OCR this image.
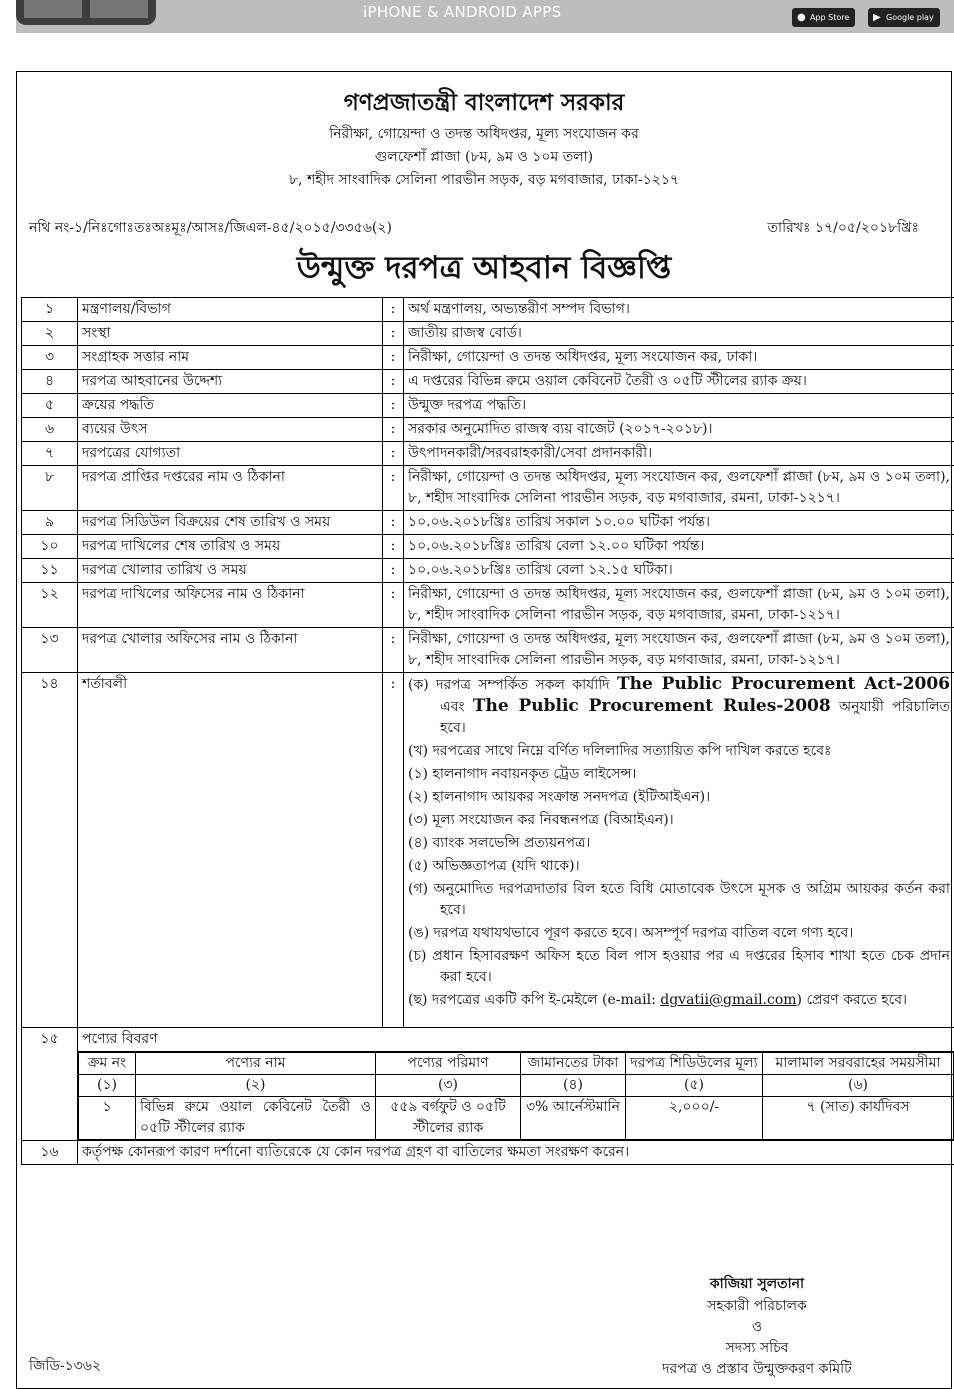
iPHONE & ANDROID APPS	● App Store	▶ Google play
গণপ্রজাতন্ত্রী বাংলাদেশ সরকার
নিরীক্ষা, গোয়েন্দা ও তদন্ত অধিদপ্তর, মূল্য সংযোজন কর
গুলফেশাঁ প্লাজা (৮ম, ৯ম ও ১০ম তলা)
৮, শহীদ সাংবাদিক সেলিনা পারভীন সড়ক, বড় মগবাজার, ঢাকা-১২১৭
নথি নং-১/নিঃগোঃতঃঅঃমূঃ/আসঃ/জিএল-৪৫/২০১৫/৩৩৫৬(২)	তারিখঃ ১৭/০৫/২০১৮খ্রিঃ
উন্মুক্ত দরপত্র আহবান বিজ্ঞপ্তি
১	মন্ত্রণালয়/বিভাগ	:	অর্থ মন্ত্রণালয়, অভ্যন্তরীণ সম্পদ বিভাগ।
২	সংস্থা	:	জাতীয় রাজস্ব বোর্ড।
৩	সংগ্রাহক সত্তার নাম	:	নিরীক্ষা, গোয়েন্দা ও তদন্ত অধিদপ্তর, মূল্য সংযোজন কর, ঢাকা।
৪	দরপত্র আহবানের উদ্দেশ্য	:	এ দপ্তরের বিভিন্ন রুমে ওয়াল কেবিনেট তৈরী ও ০৫টি স্টীলের র‌্যাক ক্রয়।
৫	ক্রয়ের পদ্ধতি	:	উন্মুক্ত দরপত্র পদ্ধতি।
৬	ব্যয়ের উৎস	:	সরকার অনুমোদিত রাজস্ব ব্যয় বাজেট (২০১৭-২০১৮)।
৭	দরপত্রের যোগ্যতা	:	উৎপাদনকারী/সরবরাহকারী/সেবা প্রদানকারী।
৮	দরপত্র প্রাপ্তির দপ্তরের নাম ও ঠিকানা	:	নিরীক্ষা, গোয়েন্দা ও তদন্ত অধিদপ্তর, মূল্য সংযোজন কর, গুলফেশাঁ প্লাজা (৮ম, ৯ম ও ১০ম তলা), ৮, শহীদ সাংবাদিক সেলিনা পারভীন সড়ক, বড় মগবাজার, রমনা, ঢাকা-১২১৭।
৯	দরপত্র সিডিউল বিক্রয়ের শেষ তারিখ ও সময়	:	১০.০৬.২০১৮খ্রিঃ তারিখ সকাল ১০.০০ ঘটিকা পর্যন্ত।
১০	দরপত্র দাখিলের শেষ তারিখ ও সময়	:	১০.০৬.২০১৮খ্রিঃ তারিখ বেলা ১২.০০ ঘটিকা পর্যন্ত।
১১	দরপত্র খোলার তারিখ ও সময়	:	১০.০৬.২০১৮খ্রিঃ তারিখ বেলা ১২.১৫ ঘটিকা।
১২	দরপত্র দাখিলের অফিসের নাম ও ঠিকানা	:	নিরীক্ষা, গোয়েন্দা ও তদন্ত অধিদপ্তর, মূল্য সংযোজন কর, গুলফেশাঁ প্লাজা (৮ম, ৯ম ও ১০ম তলা), ৮, শহীদ সাংবাদিক সেলিনা পারভীন সড়ক, বড় মগবাজার, রমনা, ঢাকা-১২১৭।
১৩	দরপত্র খোলার অফিসের নাম ও ঠিকানা	:	নিরীক্ষা, গোয়েন্দা ও তদন্ত অধিদপ্তর, মূল্য সংযোজন কর, গুলফেশাঁ প্লাজা (৮ম, ৯ম ও ১০ম তলা), ৮, শহীদ সাংবাদিক সেলিনা পারভীন সড়ক, বড় মগবাজার, রমনা, ঢাকা-১২১৭।
১৪	শর্তাবলী	:	(ক) দরপত্র সম্পর্কিত সকল কার্যাদি The Public Procurement Act-2006 এবং The Public Procurement Rules-2008 অনুযায়ী পরিচালিত হবে।
(খ) দরপত্রের সাথে নিম্নে বর্ণিত দলিলাদির সত্যায়িত কপি দাখিল করতে হবেঃ
(১) হালনাগাদ নবায়নকৃত ট্রেড লাইসেন্স।
(২) হালনাগাদ আয়কর সংক্রান্ত সনদপত্র (ইটিআইএন)।
(৩) মূল্য সংযোজন কর নিবন্ধনপত্র (বিআইএন)।
(৪) ব্যাংক সলভেন্সি প্রত্যয়নপত্র।
(৫) অভিজ্ঞতাপত্র (যদি থাকে)।
(গ) অনুমোদিত দরপত্রদাতার বিল হতে বিধি মোতাবেক উৎসে মূসক ও অগ্রিম আয়কর কর্তন করা হবে।
(ঙ) দরপত্র যথাযথভাবে পূরণ করতে হবে। অসম্পূর্ণ দরপত্র বাতিল বলে গণ্য হবে।
(চ) প্রধান হিসাবরক্ষণ অফিস হতে বিল পাস হওয়ার পর এ দপ্তরের হিসাব শাখা হতে চেক প্রদান করা হবে।
(ছ) দরপত্রের একটি কপি ই-মেইলে (e-mail: dgvatii@gmail.com) প্রেরণ করতে হবে।

১৫	পণ্যের বিবরণ

ক্রম নং	পণ্যের নাম	পণ্যের পরিমাণ	জামানতের টাকা	দরপত্র শিডিউলের মূল্য	মালামাল সরবরাহের সময়সীমা
(১)	(২)	(৩)	(৪)	(৫)	(৬)
১	বিভিন্ন রুমে ওয়াল কেবিনেট তৈরী ও ০৫টি স্টীলের র‌্যাক	৫৫৯ বর্গফুট ও ০৫টি স্টীলের র‌্যাক	৩% আর্নেস্টমানি	২,০০০/-	৭ (সাত) কার্যদিবস

১৬	কর্তৃপক্ষ কোনরূপ কারণ দর্শানো ব্যতিরেকে যে কোন দরপত্র গ্রহণ বা বাতিলের ক্ষমতা সংরক্ষণ করেন।
কাজিয়া সুলতানা
সহকারী পরিচালক
ও
সদস্য সচিব
দরপত্র ও প্রস্তাব উন্মুক্তকরণ কমিটি
জিডি-১৩৬২
